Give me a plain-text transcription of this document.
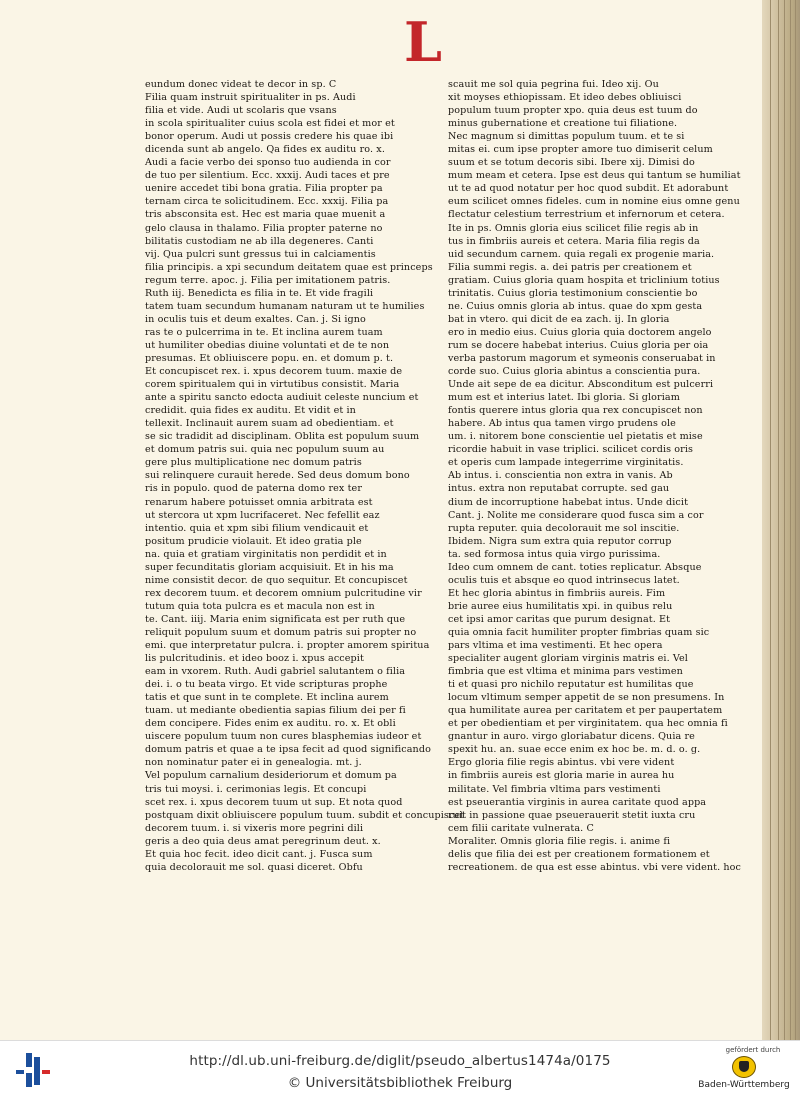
L
eundum donec videat te decor in sp. C
Filia quam instruit spiritualiter in ps. Audi
filia et vide. Audi ut scolaris que vsans
in scola spiritualiter cuius scola est fidei et mor et
bonor operum. Audi ut possis credere his quae ibi
dicenda sunt ab angelo. Qa fides ex auditu ro. x.
Audi a facie verbo dei sponso tuo audienda in cor
de tuo per silentium. Ecc. xxxij. Audi taces et pre
uenire accedet tibi bona gratia. Filia propter pa
ternam circa te solicitudinem. Ecc. xxxij. Filia pa
tris absconsita est. Hec est maria quae muenit a
gelo clausa in thalamo. Filia propter paterne no
bilitatis custodiam ne ab illa degeneres. Canti
vij. Qua pulcri sunt gressus tui in calciamentis
filia principis. a xpi secundum deitatem quae est princeps
regum terre. apoc. j. Filia per imitationem patris.
Ruth iij. Benedicta es filia in te. Et vide fragili
tatem tuam secundum humanam naturam ut te humilies
in oculis tuis et deum exaltes. Can. j. Si igno
ras te o pulcerrima in te. Et inclina aurem tuam
ut humiliter obedias diuine voluntati et de te non
presumas. Et obliuiscere popu. en. et domum p. t.
Et concupiscet rex. i. xpus decorem tuum. maxie de
corem spiritualem qui in virtutibus consistit. Maria
ante a spiritu sancto edocta audiuit celeste nuncium et
credidit. quia fides ex auditu. Et vidit et in
tellexit. Inclinauit aurem suam ad obedientiam. et
se sic tradidit ad disciplinam. Oblita est populum suum
et domum patris sui. quia nec populum suum au
gere plus multiplicatione nec domum patris
sui relinquere curauit herede. Sed deus domum bono
ris in populo. quod de paterna domo rex ter
renarum habere potuisset omnia arbitrata est
ut stercora ut xpm lucrifaceret. Nec fefellit eaz
intentio. quia et xpm sibi filium vendicauit et
positum prudicie violauit. Et ideo gratia ple
na. quia et gratiam virginitatis non perdidit et in
super fecunditatis gloriam acquisiuit. Et in his ma
nime consistit decor. de quo sequitur. Et concupiscet
rex decorem tuum. et decorem omnium pulcritudine vir
tutum quia tota pulcra es et macula non est in
te. Cant. iiij. Maria enim significata est per ruth que
reliquit populum suum et domum patris sui propter no
emi. que interpretatur pulcra. i. propter amorem spiritua
lis pulcritudinis. et ideo booz i. xpus accepit
eam in vxorem. Ruth. Audi gabriel salutantem o filia
dei. i. o tu beata virgo. Et vide scripturas prophe
tatis et que sunt in te complete. Et inclina aurem
tuam. ut mediante obedientia sapias filium dei per fi
dem concipere. Fides enim ex auditu. ro. x. Et obli
uiscere populum tuum non cures blasphemias iudeor et
domum patris et quae a te ipsa fecit ad quod significando
non nominatur pater ei in genealogia. mt. j.
Vel populum carnalium desideriorum et domum pa
tris tui moysi. i. cerimonias legis. Et concupi
scet rex. i. xpus decorem tuum ut sup. Et nota quod
postquam dixit obliuiscere populum tuum. subdit et concupiscet
decorem tuum. i. si vixeris more pegrini dili
geris a deo quia deus amat peregrinum deut. x.
Et quia hoc fecit. ideo dicit cant. j. Fusca sum
quia decolorauit me sol. quasi diceret. Obfu
scauit me sol quia pegrina fui. Ideo xij. Ou
xit moyses ethiopissam. Et ideo debes obliuisci
populum tuum propter xpo. quia deus est tuum do
minus gubernatione et creatione tui filiatione.
Nec magnum si dimittas populum tuum. et te si
mitas ei. cum ipse propter amore tuo dimiserit celum
suum et se totum decoris sibi. Ibere xij. Dimisi do
mum meam et cetera. Ipse est deus qui tantum se humiliat
ut te ad quod notatur per hoc quod subdit. Et adorabunt
eum scilicet omnes fideles. cum in nomine eius omne genu
flectatur celestium terrestrium et infernorum et cetera.
Ite in ps. Omnis gloria eius scilicet filie regis ab in
tus in fimbriis aureis et cetera. Maria filia regis da
uid secundum carnem. quia regali ex progenie maria.
Filia summi regis. a. dei patris per creationem et
gratiam. Cuius gloria quam hospita et triclinium totius
trinitatis. Cuius gloria testimonium conscientie bo
ne. Cuius omnis gloria ab intus. quae do xpm gesta
bat in vtero. qui dicit de ea zach. ij. In gloria
ero in medio eius. Cuius gloria quia doctorem angelo
rum se docere habebat interius. Cuius gloria per oia
verba pastorum magorum et symeonis conseruabat in
corde suo. Cuius gloria abintus a conscientia pura.
Unde ait sepe de ea dicitur. Absconditum est pulcerri
mum est et interius latet. Ibi gloria. Si gloriam
fontis querere intus gloria qua rex concupiscet non
habere. Ab intus qua tamen virgo prudens ole
um. i. nitorem bone conscientie uel pietatis et mise
ricordie habuit in vase triplici. scilicet cordis oris
et operis cum lampade integerrime virginitatis.
Ab intus. i. conscientia non extra in vanis. Ab
intus. extra non reputabat corrupte. sed gau
dium de incorruptione habebat intus. Unde dicit
Cant. j. Nolite me considerare quod fusca sim a cor
rupta reputer. quia decolorauit me sol inscitie.
Ibidem. Nigra sum extra quia reputor corrup
ta. sed formosa intus quia virgo purissima.
Ideo cum omnem de cant. toties replicatur. Absque
oculis tuis et absque eo quod intrinsecus latet.
Et hec gloria abintus in fimbriis aureis. Fim
brie auree eius humilitatis xpi. in quibus relu
cet ipsi amor caritas que purum designat. Et
quia omnia facit humiliter propter fimbrias quam sic
pars vltima et ima vestimenti. Et hec opera
specialiter augent gloriam virginis matris ei. Vel
fimbria que est vltima et minima pars vestimen
ti et quasi pro nichilo reputatur est humilitas que
locum vltimum semper appetit de se non presumens. In
qua humilitate aurea per caritatem et per paupertatem
et per obedientiam et per virginitatem. qua hec omnia fi
gnantur in auro. virgo gloriabatur dicens. Quia re
spexit hu. an. suae ecce enim ex hoc be. m. d. o. g.
Ergo gloria filie regis abintus. vbi vere vident
in fimbriis aureis est gloria marie in aurea hu
militate. Vel fimbria vltima pars vestimenti
est pseuerantia virginis in aurea caritate quod appa
ruit in passione quae pseuerauerit stetit iuxta cru
cem filii caritate vulnerata. C
Moraliter. Omnis gloria filie regis. i. anime fi
delis que filia dei est per creationem formationem et
recreationem. de qua est esse abintus. vbi vere vident. hoc
http://dl.ub.uni-freiburg.de/diglit/pseudo_albertus1474a/0175
© Universitätsbibliothek Freiburg
gefördert durch
Baden-Württemberg
